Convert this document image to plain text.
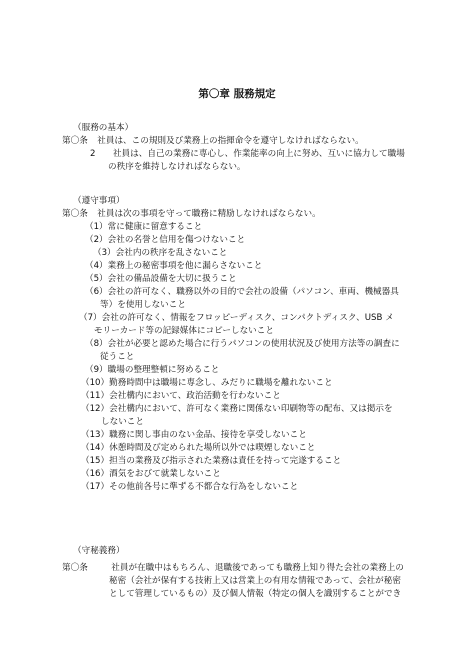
第〇章 服務規定
（服務の基本）
第〇条 社員は、この規則及び業務上の指揮命令を遵守しなければならない。
2 社員は、自己の業務に専心し、作業能率の向上に努め、互いに協力して職場
の秩序を維持しなければならない。
（遵守事項）
第〇条 社員は次の事項を守って職務に精励しなければならない。
（1）常に健康に留意すること
（2）会社の名誉と信用を傷つけないこと
（3）会社内の秩序を乱さないこと
（4）業務上の秘密事項を他に漏らさないこと
（5）会社の備品設備を大切に扱うこと
（6）会社の許可なく、職務以外の目的で会社の設備（パソコン、車両、機械器具
等）を使用しないこと
（7）会社の許可なく、情報をフロッピーディスク、コンパクトディスク、USB メ
モリーカード等の記録媒体にコピーしないこと
（8）会社が必要と認めた場合に行うパソコンの使用状況及び使用方法等の調査に
従うこと
（9）職場の整理整頓に努めること
（10）勤務時間中は職場に専念し、みだりに職場を離れないこと
（11）会社構内において、政治活動を行わないこと
（12）会社構内において、許可なく業務に関係ない印刷物等の配布、又は掲示を
しないこと
（13）職務に関し事由のない金品、接待を享受しないこと
（14）休憩時間及び定められた場所以外では喫煙しないこと
（15）担当の業務及び指示された業務は責任を持って完遂すること
（16）酒気をおびて就業しないこと
（17）その他前各号に準ずる不都合な行為をしないこと
（守秘義務）
第〇条	社員が在職中はもちろん、退職後であっても職務上知り得た会社の業務上の
秘密（会社が保有する技術上又は営業上の有用な情報であって、会社が秘密
として管理しているもの）及び個人情報（特定の個人を識別することができ
